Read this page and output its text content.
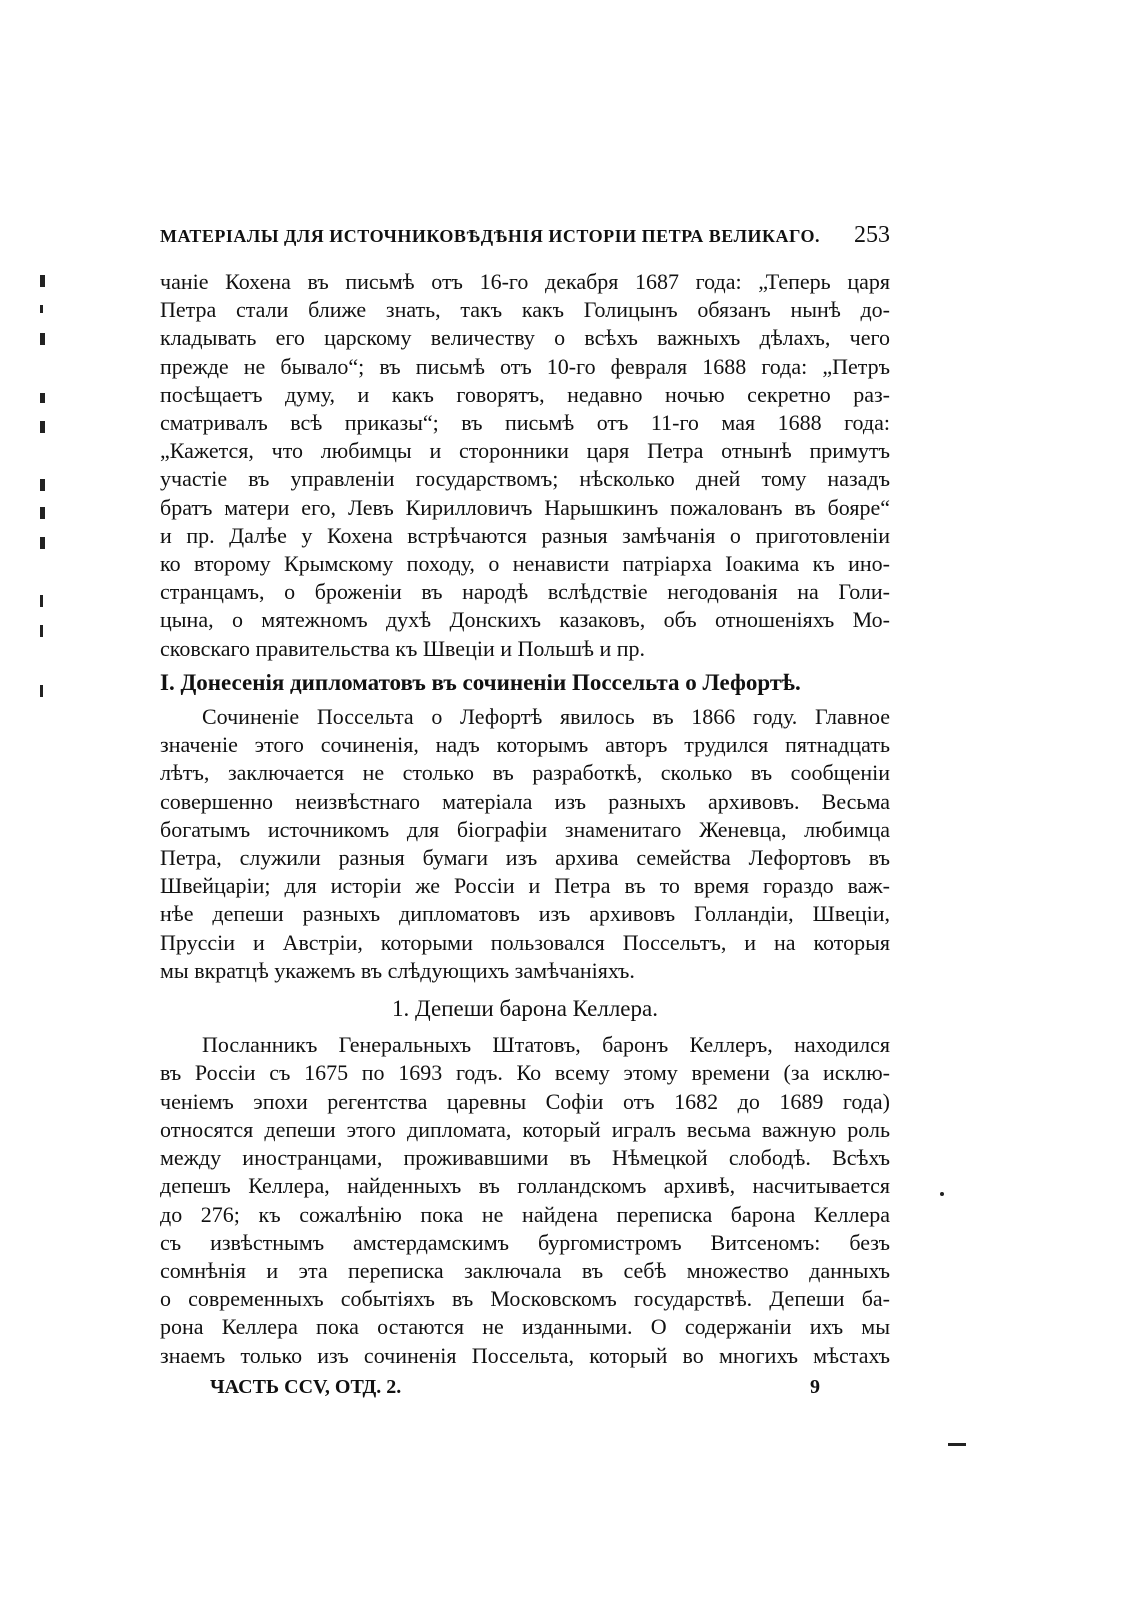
МАТЕРІАЛЫ ДЛЯ ИСТОЧНИКОВѢДѢНІЯ ИСТОРІИ ПЕТРА ВЕЛИКАГО. 253
чаніе Кохена въ письмѣ отъ 16-го декабря 1687 года: „Теперь царя
Петра стали ближе знать, такъ какъ Голицынъ обязанъ нынѣ до-
кладывать его царскому величеству о всѣхъ важныхъ дѣлахъ, чего
прежде не бывало“; въ письмѣ отъ 10-го февраля 1688 года: „Петръ
посѣщаетъ думу, и какъ говорятъ, недавно ночью секретно раз-
сматривалъ всѣ приказы“; въ письмѣ отъ 11-го мая 1688 года:
„Кажется, что любимцы и сторонники царя Петра отнынѣ примутъ
участіе въ управленіи государствомъ; нѣсколько дней тому назадъ
братъ матери его, Левъ Кирилловичъ Нарышкинъ пожалованъ въ бояре“
и пр. Далѣе у Кохена встрѣчаются разныя замѣчанія о приготовленіи
ко второму Крымскому походу, о ненависти патріарха Іоакима къ ино-
странцамъ, о броженіи въ народѣ вслѣдствіе негодованія на Голи-
цына, о мятежномъ духѣ Донскихъ казаковъ, объ отношеніяхъ Мо-
сковскаго правительства къ Швеціи и Польшѣ и пр.
I. Донесенія дипломатовъ въ сочиненіи Поссельта о Лефортѣ.
Сочиненіе Поссельта о Лефортѣ явилось въ 1866 году. Главное
значеніе этого сочиненія, надъ которымъ авторъ трудился пятнадцать
лѣтъ, заключается не столько въ разработкѣ, сколько въ сообщеніи
совершенно неизвѣстнаго матеріала изъ разныхъ архивовъ. Весьма
богатымъ источникомъ для біографіи знаменитаго Женевца, любимца
Петра, служили разныя бумаги изъ архива семейства Лефортовъ въ
Швейцаріи; для исторіи же Россіи и Петра въ то время гораздо важ-
нѣе депеши разныхъ дипломатовъ изъ архивовъ Голландіи, Швеціи,
Пруссіи и Австріи, которыми пользовался Поссельтъ, и на которыя
мы вкратцѣ укажемъ въ слѣдующихъ замѣчаніяхъ.
1. Депеши барона Келлера.
Посланникъ Генеральныхъ Штатовъ, баронъ Келлеръ, находился
въ Россіи съ 1675 по 1693 годъ. Ко всему этому времени (за исклю-
ченіемъ эпохи регентства царевны Софіи отъ 1682 до 1689 года)
относятся депеши этого дипломата, который игралъ весьма важную роль
между иностранцами, проживавшими въ Нѣмецкой слободѣ. Всѣхъ
депешъ Келлера, найденныхъ въ голландскомъ архивѣ, насчитывается
до 276; къ сожалѣнію пока не найдена переписка барона Келлера
съ извѣстнымъ амстердамскимъ бургомистромъ Витсеномъ: безъ
сомнѣнія и эта переписка заключала въ себѣ множество данныхъ
о современныхъ событіяхъ въ Московскомъ государствѣ. Депеши ба-
рона Келлера пока остаются не изданными. О содержаніи ихъ мы
знаемъ только изъ сочиненія Поссельта, который во многихъ мѣстахъ
ЧАСТЬ CCV, ОТД. 2.	9
